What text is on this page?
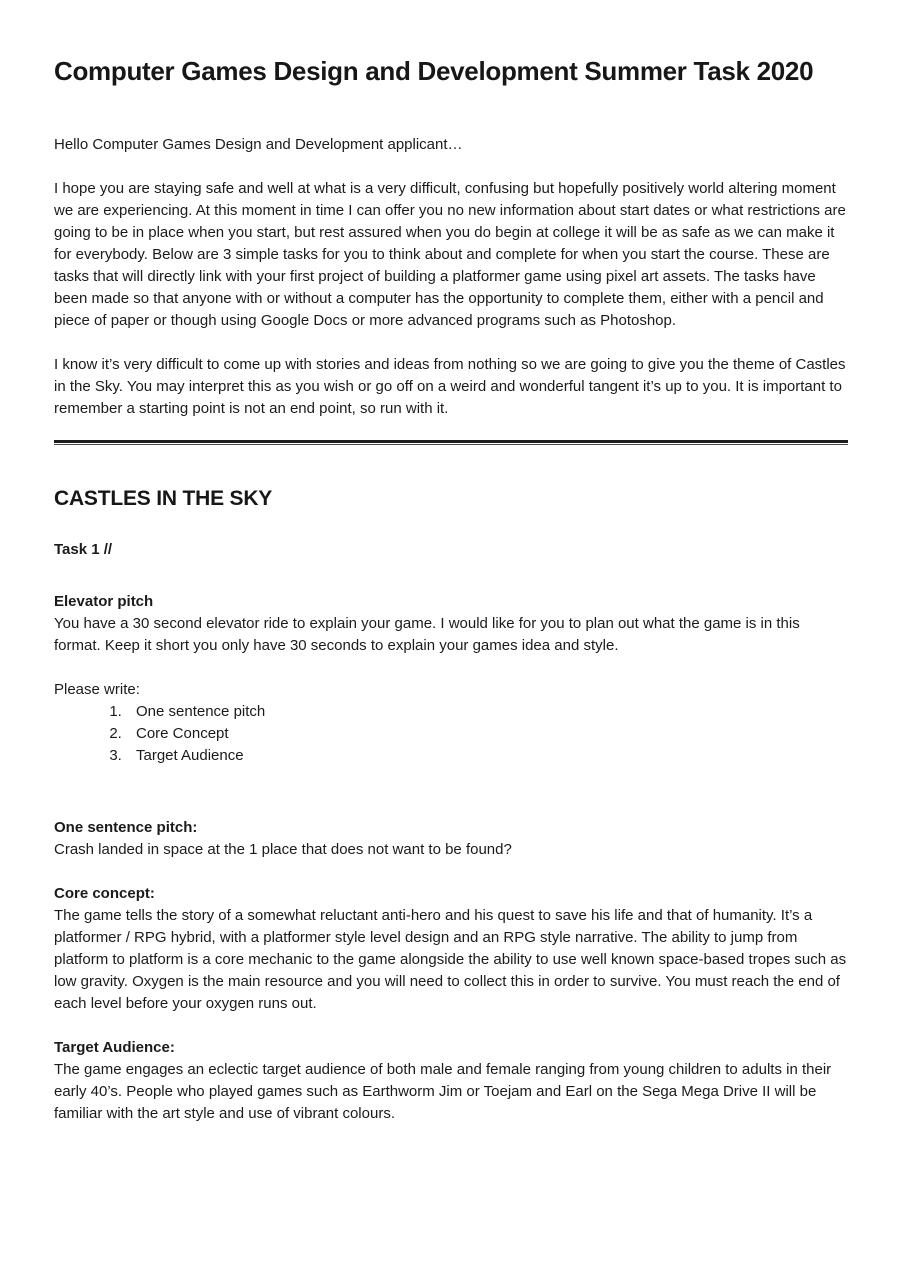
Computer Games Design and Development Summer Task 2020

Hello Computer Games Design and Development applicant…

I hope you are staying safe and well at what is a very difficult, confusing but hopefully positively world altering moment we are experiencing. At this moment in time I can offer you no new information about start dates or what restrictions are going to be in place when you start, but rest assured when you do begin at college it will be as safe as we can make it for everybody. Below are 3 simple tasks for you to think about and complete for when you start the course. These are tasks that will directly link with your first project of building a platformer game using pixel art assets. The tasks have been made so that anyone with or without a computer has the opportunity to complete them, either with a pencil and piece of paper or though using Google Docs or more advanced programs such as Photoshop.

I know it’s very difficult to come up with stories and ideas from nothing so we are going to give you the theme of Castles in the Sky. You may interpret this as you wish or go off on a weird and wonderful tangent it’s up to you. It is important to remember a starting point is not an end point, so run with it.

CASTLES IN THE SKY

Task 1 //

Elevator pitch

You have a 30 second elevator ride to explain your game. I would like for you to plan out what the game is in this format. Keep it short you only have 30 seconds to explain your games idea and style.

Please write:

1. One sentence pitch
2. Core Concept
3. Target Audience

One sentence pitch:

Crash landed in space at the 1 place that does not want to be found?

Core concept:

The game tells the story of a somewhat reluctant anti-hero and his quest to save his life and that of humanity. It’s a platformer / RPG hybrid, with a platformer style level design and an RPG style narrative. The ability to jump from platform to platform is a core mechanic to the game alongside the ability to use well known space-based tropes such as low gravity. Oxygen is the main resource and you will need to collect this in order to survive. You must reach the end of each level before your oxygen runs out.

Target Audience:

The game engages an eclectic target audience of both male and female ranging from young children to adults in their early 40’s. People who played games such as Earthworm Jim or Toejam and Earl on the Sega Mega Drive II will be familiar with the art style and use of vibrant colours.
